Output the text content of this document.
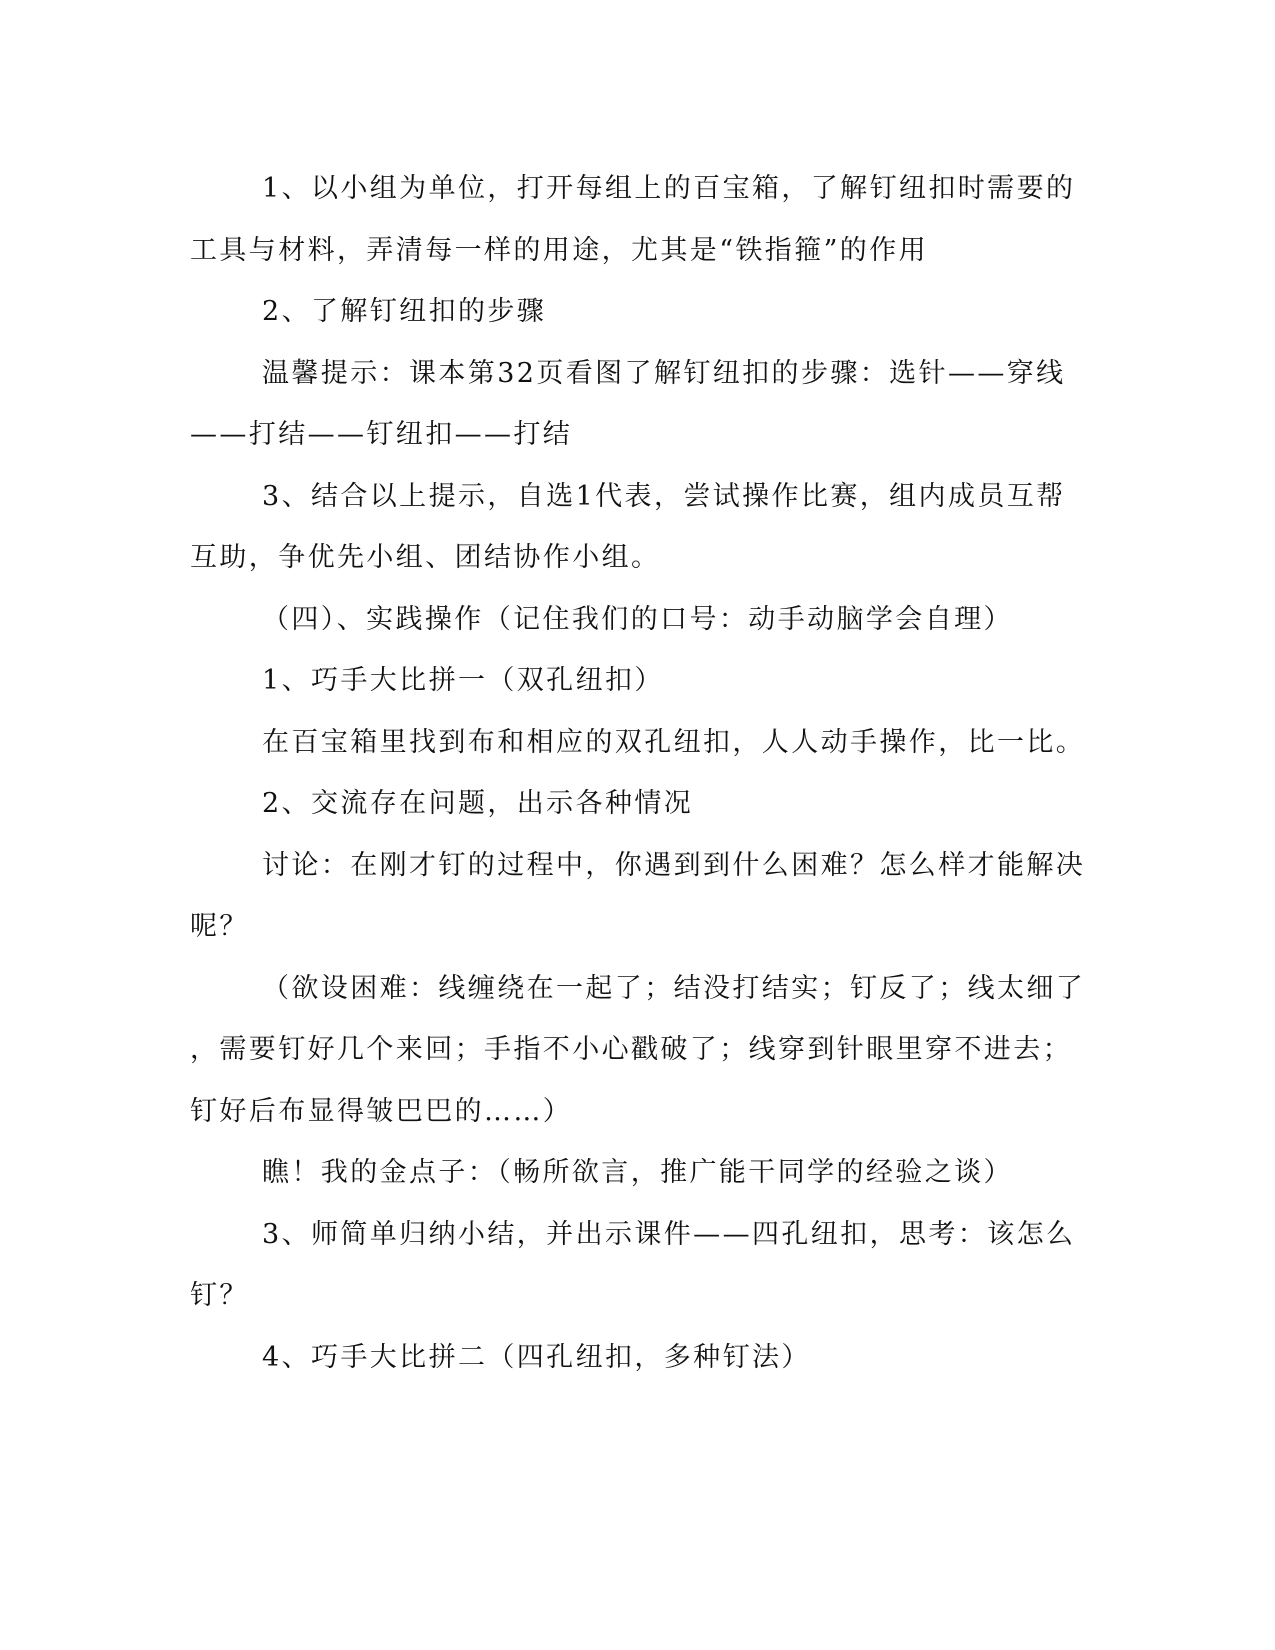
1、以小组为单位，打开每组上的百宝箱，了解钉纽扣时需要的
工具与材料，弄清每一样的用途，尤其是“铁指箍”的作用

2、了解钉纽扣的步骤

温馨提示：课本第32页看图了解钉纽扣的步骤：选针——穿线
——打结——钉纽扣——打结

3、结合以上提示，自选1代表，尝试操作比赛，组内成员互帮
互助，争优先小组、团结协作小组。

（四）、实践操作（记住我们的口号：动手动脑学会自理）

1、巧手大比拼一（双孔纽扣）

在百宝箱里找到布和相应的双孔纽扣，人人动手操作，比一比。

2、交流存在问题，出示各种情况

讨论：在刚才钉的过程中，你遇到到什么困难？怎么样才能解决
呢？

（欲设困难：线缠绕在一起了；结没打结实；钉反了；线太细了
，需要钉好几个来回；手指不小心戳破了；线穿到针眼里穿不进去；
钉好后布显得皱巴巴的……）

瞧！我的金点子：（畅所欲言，推广能干同学的经验之谈）

3、师简单归纳小结，并出示课件——四孔纽扣，思考：该怎么
钉？

4、巧手大比拼二（四孔纽扣，多种钉法）
